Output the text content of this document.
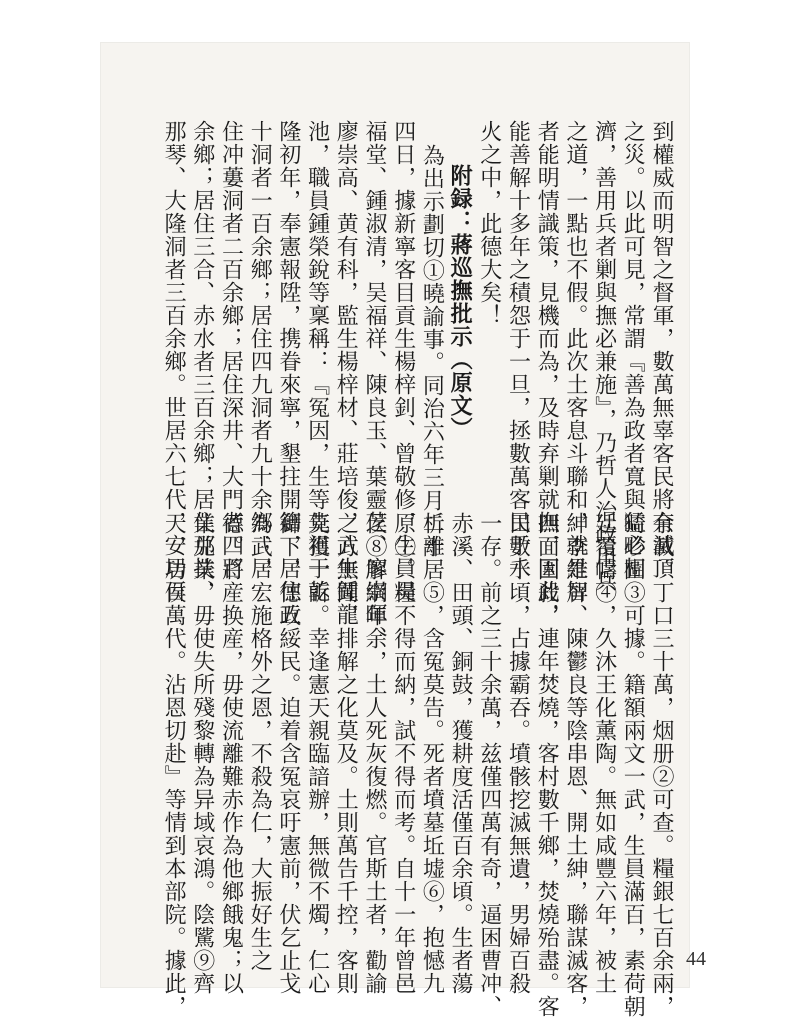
到權威而明智之督軍，數萬無辜客民將有滅頂
之災。以此可見，常謂『善為政者寬與猛必相
濟，善用兵者剿與撫必兼施』，乃哲人治政用兵
之道，一點也不假。此次土客息斗聯和，就是智
者能明情識策，見機而為，及時弃剿就撫，因此，
能善解十多年之積怨于一旦，拯數萬客民于水
火之中，此德大矣！
附録：蔣巡撫批示（原文）
為出示劃切①曉諭事。同治六年三月二十
四日，據新寧客目貢生楊梓釗、曾敬修，生員吴
福堂、鍾淑清，吴福祥、陳良玉、葉靈芝、廖崇暉、
廖崇高、黄有科，監生楊梓材、莊培俊，武生鍾龍
池，職員鍾榮銳等稟稱：『冤因，生等先祖于乾
隆初年，奉憲報陞，携眷來寧，墾拄開籍，居住五
十洞者一百余鄉；居住四九洞者九十余鄉；居
住冲蔞洞者二百余鄉；居住深井、大門者四百
余鄉；居住三合、赤水者三百余鄉；居住那扶、
那琴、大隆洞者三百余鄉。世居六七代，安居百
余載。丁口三十萬，烟册②可查。糧銀七百余兩，
畸畛圖③可據。籍額兩文一武，生員滿百，素荷朝
廷覆幬④，久沐王化薰陶。無如咸豐六年，被土
紳李維屏、陳鬱良等陰串恩、開土紳，聯謀滅客，
四面圍殺，連年焚燒，客村數千鄉，焚燒殆盡。客
田數千頃，占據霸吞。墳骸挖滅無遺，男婦百殺
一存。前之三十余萬，兹僅四萬有奇，逼困曹冲、
赤溪、田頭、銅鼓，獲耕度活僅百余頃。生者蕩
析離居⑤，含冤莫告。死者墳墓坵墟⑥，抱憾九
原⑦。糧不得而納，試不得而考。自十一年曾邑
侯⑧解綱年余，土人死灰復燃。官斯土者，勸諭
之方無聞，排解之化莫及。土則萬告千控，客則
莫獲一訴。幸逢憲天親臨諳辦，無微不燭，仁心
御下，德政綏民。迫着含冤哀吁憲前，伏乞止戈
為武，宏施格外之恩，不殺為仁，大振好生之
德。將産换産，毋使流離難赤作為他鄉餓鬼；以
業兑業，毋使失所殘黎轉為异域哀鴻。陰騭⑨齊
天，功侯萬代。沾恩切赴』等情到本部院。據此，	44
